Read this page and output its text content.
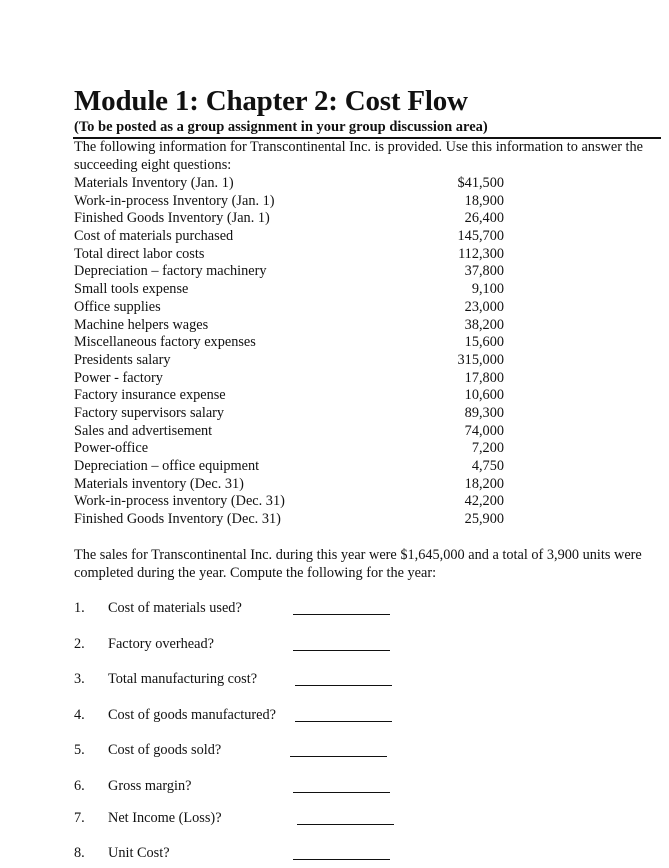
Module 1: Chapter 2: Cost Flow
(To be posted as a group assignment in your group discussion area)
The following information for Transcontinental Inc. is provided. Use this information to answer the succeeding eight questions:
Materials Inventory (Jan. 1)	$41,500
Work-in-process Inventory (Jan. 1)	18,900
Finished Goods Inventory (Jan. 1)	26,400
Cost of materials purchased	145,700
Total direct labor costs	112,300
Depreciation – factory machinery	37,800
Small tools expense	9,100
Office supplies	23,000
Machine helpers wages	38,200
Miscellaneous factory expenses	15,600
Presidents salary	315,000
Power - factory	17,800
Factory insurance expense	10,600
Factory supervisors salary	89,300
Sales and advertisement	74,000
Power-office	7,200
Depreciation – office equipment	4,750
Materials inventory (Dec. 31)	18,200
Work-in-process inventory (Dec. 31)	42,200
Finished Goods Inventory (Dec. 31)	25,900
The sales for Transcontinental Inc. during this year were $1,645,000 and a total of 3,900 units were completed during the year. Compute the following for the year:
1. Cost of materials used?
2. Factory overhead?
3. Total manufacturing cost?
4. Cost of goods manufactured?
5. Cost of goods sold?
6. Gross margin?
7. Net Income (Loss)?
8. Unit Cost?
